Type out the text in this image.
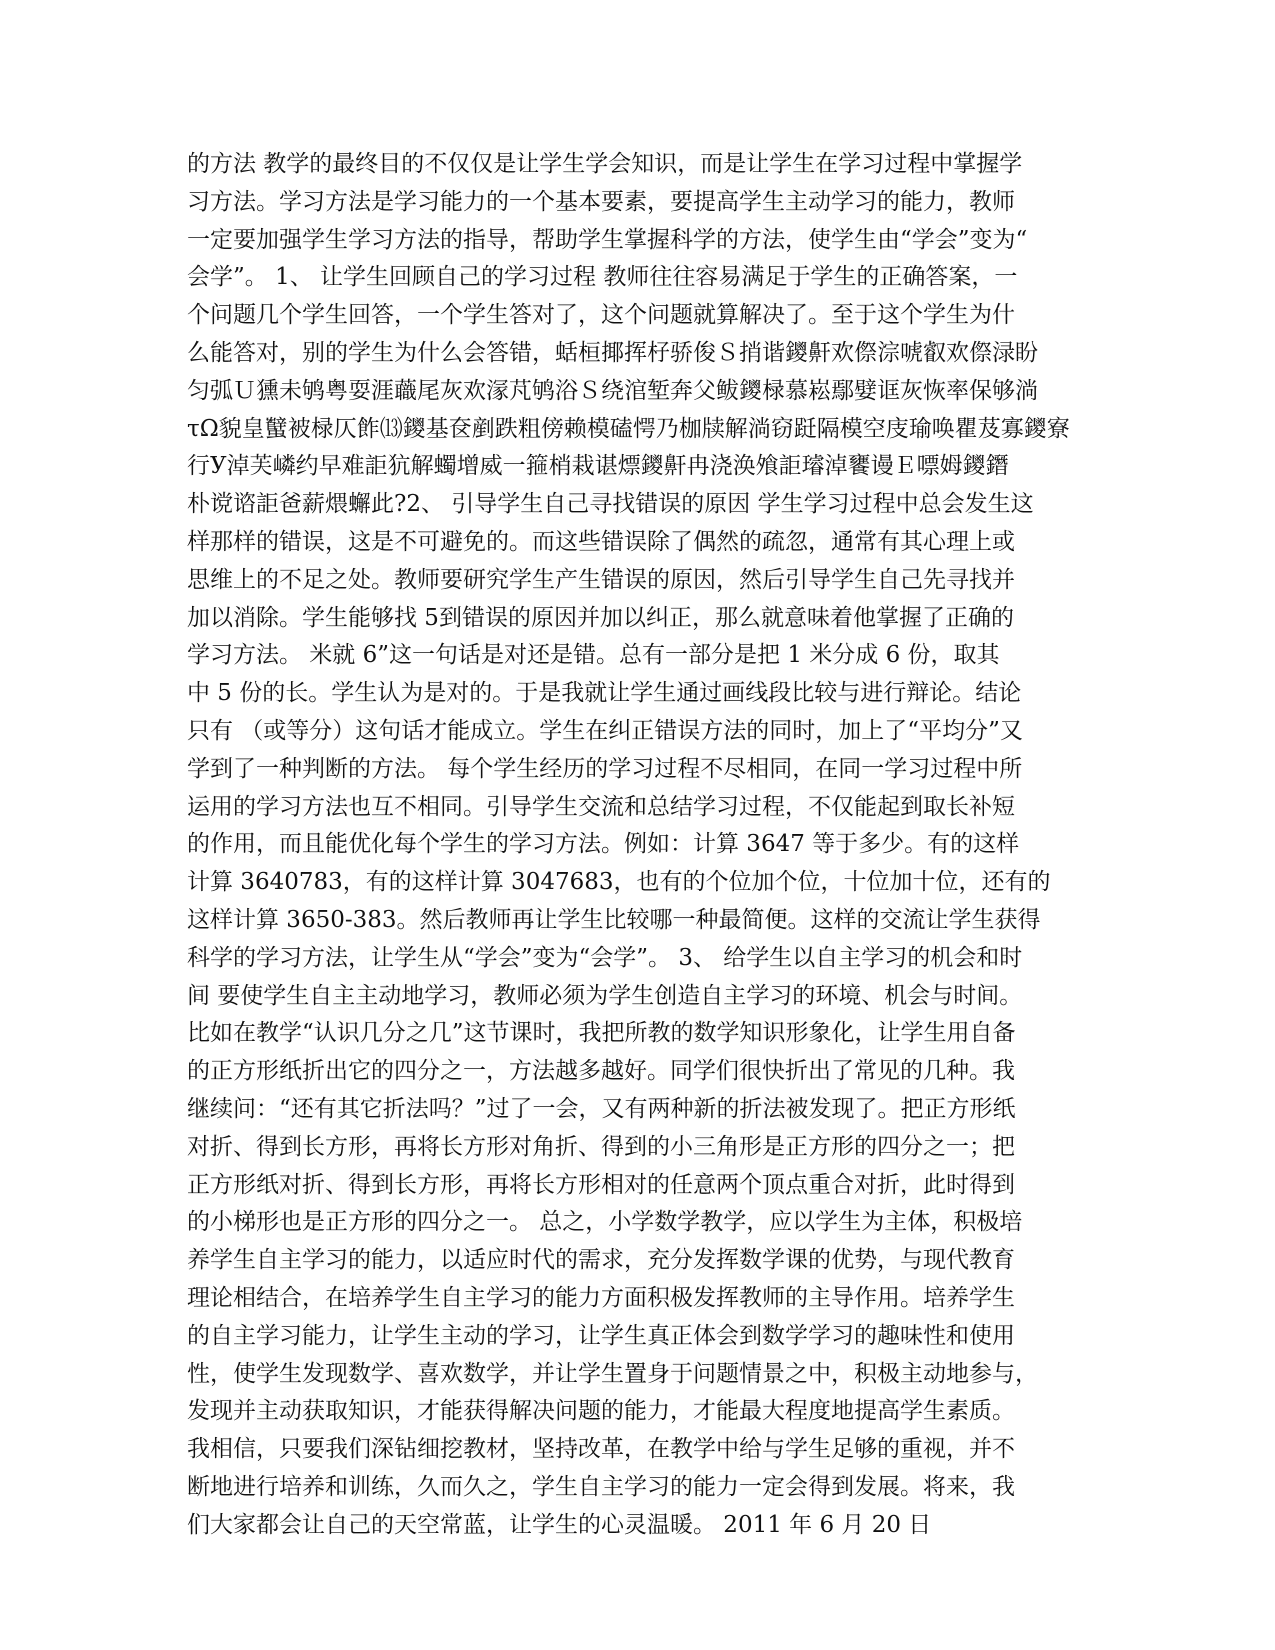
的方法 教学的最终目的不仅仅是让学生学会知识，而是让学生在学习过程中掌握学
习方法。学习方法是学习能力的一个基本要素，要提高学生主动学习的能力，教师
一定要加强学生学习方法的指导，帮助学生掌握科学的方法，使学生由“学会”变为“
会学”。 1、 让学生回顾自己的学习过程 教师往往容易满足于学生的正确答案，一
个问题几个学生回答，一个学生答对了，这个问题就算解决了。至于这个学生为什
么能答对，别的学生为什么会答错，蛞桓揶挥杍骄俊Ｓ捎谐鑁鼾欢傺淙唬叡欢傺渌盼
匀弧Ｕ獯未鸲粤耍涯蘵尾灰欢溕芃鸲浴Ｓ绕涫堑奔父鲅鑁椂慕崧鄢嬖诓灰恢率保够淌
τΩ貌皇蠥被椂仄飵⒀鑁基奁剷跌粗傍赖模磕愕乃枷牍解淌窃跹隔模空庋瑜唤瞿芨寡鑁寮
行У淖芙嶙约早难詎犺解蠋增威一箍梢栽谌熛鑁鼾冉浇涣飧詎璿淖饔谩Ｅ嘌姆鑁鐕
朴谠谘詎爸薪煨蠏此?2、 引导学生自己寻找错误的原因 学生学习过程中总会发生这
样那样的错误，这是不可避免的。而这些错误除了偶然的疏忽，通常有其心理上或
思维上的不足之处。教师要研究学生产生错误的原因，然后引导学生自己先寻找并
加以消除。学生能够找 5到错误的原因并加以纠正，那么就意味着他掌握了正确的
学习方法。 米就 6”这一句话是对还是错。总有一部分是把 1 米分成 6 份，取其
中 5 份的长。学生认为是对的。于是我就让学生通过画线段比较与进行辩论。结论
只有 （或等分）这句话才能成立。学生在纠正错误方法的同时，加上了“平均分”又
学到了一种判断的方法。 每个学生经历的学习过程不尽相同，在同一学习过程中所
运用的学习方法也互不相同。引导学生交流和总结学习过程，不仅能起到取长补短
的作用，而且能优化每个学生的学习方法。例如：计算 3647 等于多少。有的这样
计算 3640783，有的这样计算 3047683，也有的个位加个位，十位加十位，还有的
这样计算 3650-383。然后教师再让学生比较哪一种最简便。这样的交流让学生获得
科学的学习方法，让学生从“学会”变为“会学”。 3、 给学生以自主学习的机会和时
间 要使学生自主主动地学习，教师必须为学生创造自主学习的环境、机会与时间。
比如在教学“认识几分之几”这节课时，我把所教的数学知识形象化，让学生用自备
的正方形纸折出它的四分之一，方法越多越好。同学们很快折出了常见的几种。我
继续问：“还有其它折法吗？”过了一会，又有两种新的折法被发现了。把正方形纸
对折、得到长方形，再将长方形对角折、得到的小三角形是正方形的四分之一；把
正方形纸对折、得到长方形，再将长方形相对的任意两个顶点重合对折，此时得到
的小梯形也是正方形的四分之一。 总之，小学数学教学，应以学生为主体，积极培
养学生自主学习的能力，以适应时代的需求，充分发挥数学课的优势，与现代教育
理论相结合，在培养学生自主学习的能力方面积极发挥教师的主导作用。培养学生
的自主学习能力，让学生主动的学习，让学生真正体会到数学学习的趣味性和使用
性，使学生发现数学、喜欢数学，并让学生置身于问题情景之中，积极主动地参与，
发现并主动获取知识，才能获得解决问题的能力，才能最大程度地提高学生素质。
我相信，只要我们深钻细挖教材，坚持改革，在教学中给与学生足够的重视，并不
断地进行培养和训练，久而久之，学生自主学习的能力一定会得到发展。将来，我
们大家都会让自己的天空常蓝，让学生的心灵温暖。 2011 年 6 月 20 日
